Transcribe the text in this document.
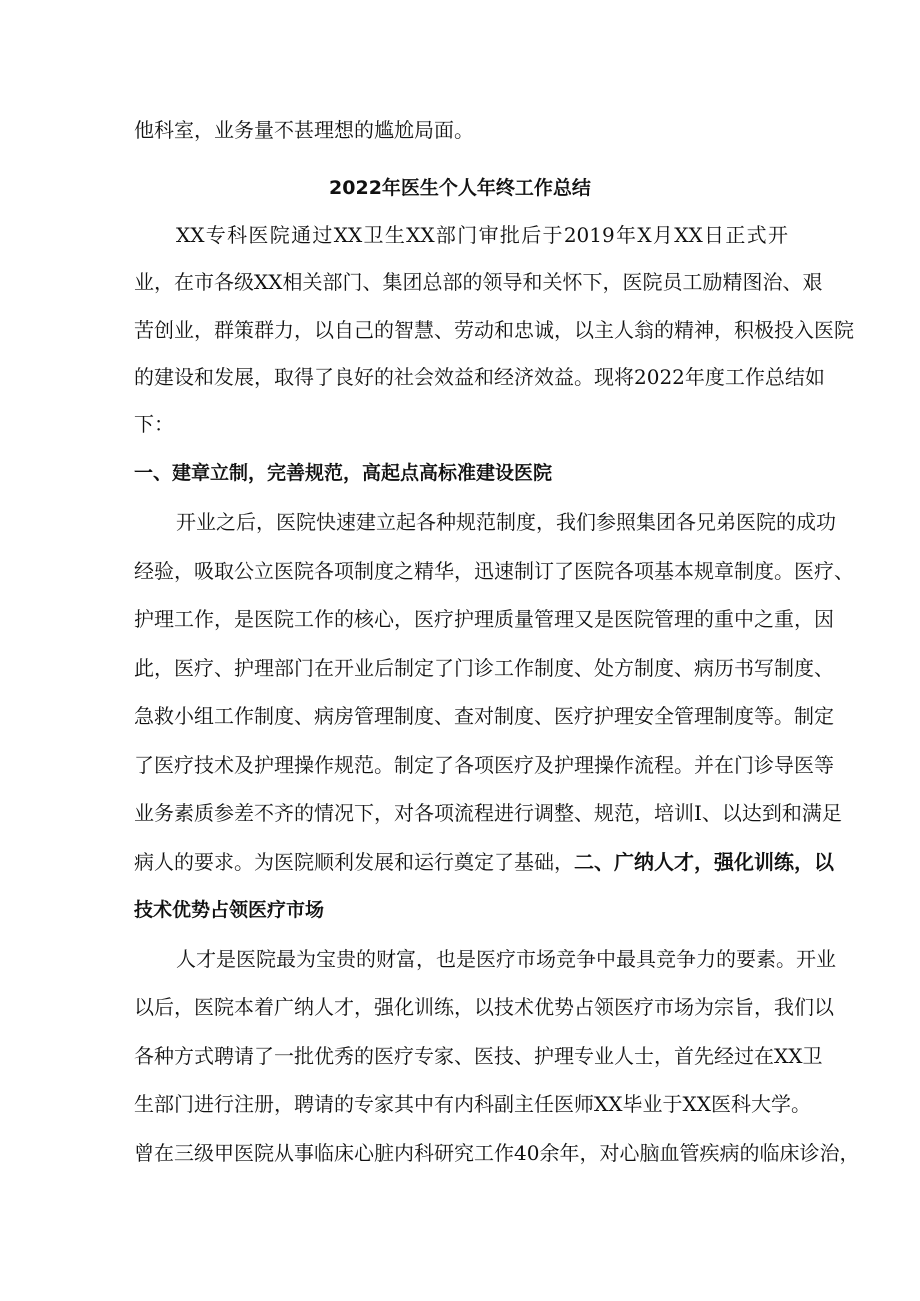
他科室，业务量不甚理想的尴尬局面。
2022年医生个人年终工作总结
XX专科医院通过XX卫生XX部门审批后于2019年X月XX日正式开
业，在市各级XX相关部门、集团总部的领导和关怀下，医院员工励精图治、艰
苦创业，群策群力，以自己的智慧、劳动和忠诚，以主人翁的精神，积极投入医院
的建设和发展，取得了良好的社会效益和经济效益。现将2022年度工作总结如
下：
一、建章立制，完善规范，高起点高标准建设医院
开业之后，医院快速建立起各种规范制度，我们参照集团各兄弟医院的成功
经验，吸取公立医院各项制度之精华，迅速制订了医院各项基本规章制度。医疗、
护理工作，是医院工作的核心，医疗护理质量管理又是医院管理的重中之重，因
此，医疗、护理部门在开业后制定了门诊工作制度、处方制度、病历书写制度、
急救小组工作制度、病房管理制度、查对制度、医疗护理安全管理制度等。制定
了医疗技术及护理操作规范。制定了各项医疗及护理操作流程。并在门诊导医等
业务素质参差不齐的情况下，对各项流程进行调整、规范，培训I、以达到和满足
病人的要求。为医院顺利发展和运行奠定了基础，二、广纳人才，强化训练，以
技术优势占领医疗市场
人才是医院最为宝贵的财富，也是医疗市场竞争中最具竞争力的要素。开业
以后，医院本着广纳人才，强化训练，以技术优势占领医疗市场为宗旨，我们以
各种方式聘请了一批优秀的医疗专家、医技、护理专业人士，首先经过在XX卫
生部门进行注册，聘请的专家其中有内科副主任医师XX毕业于XX医科大学。
曾在三级甲医院从事临床心脏内科研究工作40余年，对心脑血管疾病的临床诊治，
